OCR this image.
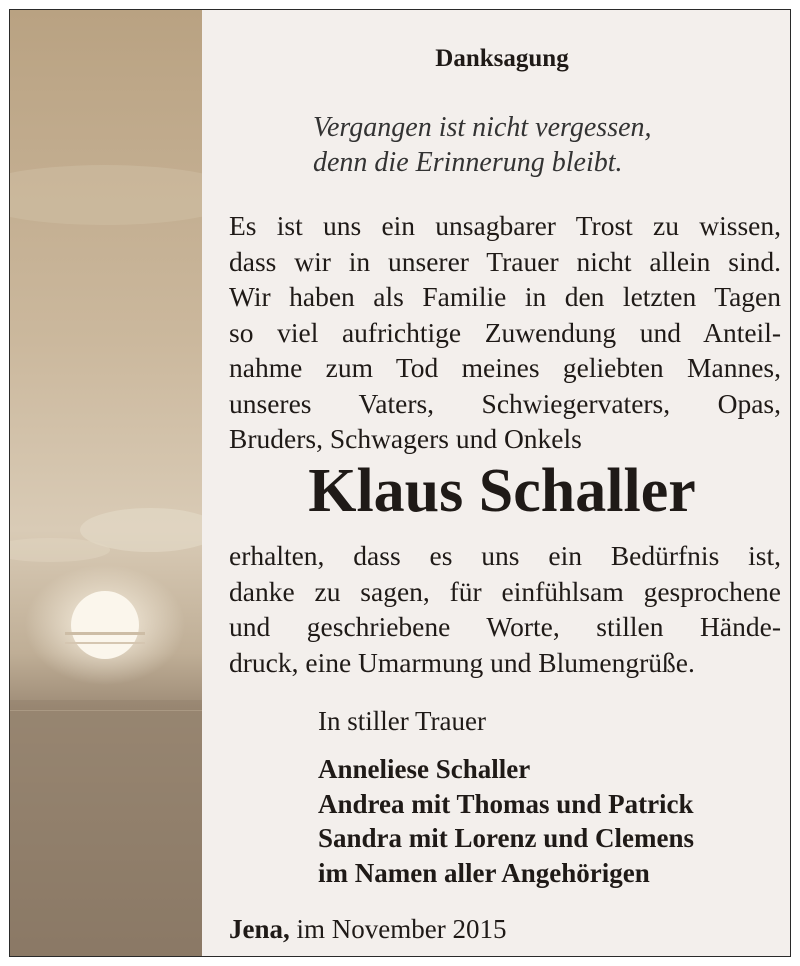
Danksagung
Vergangen ist nicht vergessen,
denn die Erinnerung bleibt.
Es ist uns ein unsagbarer Trost zu wissen,
dass wir in unserer Trauer nicht allein sind.
Wir haben als Familie in den letzten Tagen
so viel aufrichtige Zuwendung und Anteil-
nahme zum Tod meines geliebten Mannes,
unseres Vaters, Schwiegervaters, Opas,
Bruders, Schwagers und Onkels
Klaus Schaller
erhalten, dass es uns ein Bedürfnis ist,
danke zu sagen, für einfühlsam gesprochene
und geschriebene Worte, stillen Hände-
druck, eine Umarmung und Blumengrüße.
In stiller Trauer
Anneliese Schaller
Andrea mit Thomas und Patrick
Sandra mit Lorenz und Clemens
im Namen aller Angehörigen
Jena, im November 2015
